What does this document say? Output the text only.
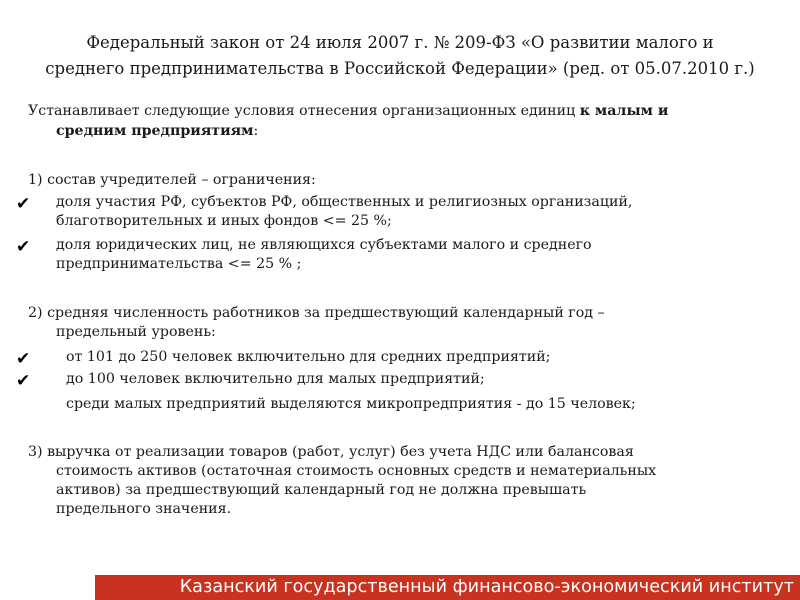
Федеральный закон от 24 июля 2007 г. № 209-ФЗ «О развитии малого и
среднего предпринимательства в Российской Федерации» (ред. от 05.07.2010 г.)
Устанавливает следующие условия отнесения организационных единиц к малым и
средним предприятиям:
1) состав учредителей – ограничения:
✔ доля участия РФ, субъектов РФ, общественных и религиозных организаций,
благотворительных и иных фондов <= 25 %;
✔ доля юридических лиц, не являющихся субъектами малого и среднего
предпринимательства <= 25 % ;
2) средняя численность работников за предшествующий календарный год –
предельный уровень:
✔	от 101 до 250 человек включительно для средних предприятий;
✔	до 100 человек включительно для малых предприятий;
среди малых предприятий выделяются микропредприятия - до 15 человек;
3) выручка от реализации товаров (работ, услуг) без учета НДС или балансовая
стоимость активов (остаточная стоимость основных средств и нематериальных
активов) за предшествующий календарный год не должна превышать
предельного значения.
Казанский государственный финансово-экономический институт
